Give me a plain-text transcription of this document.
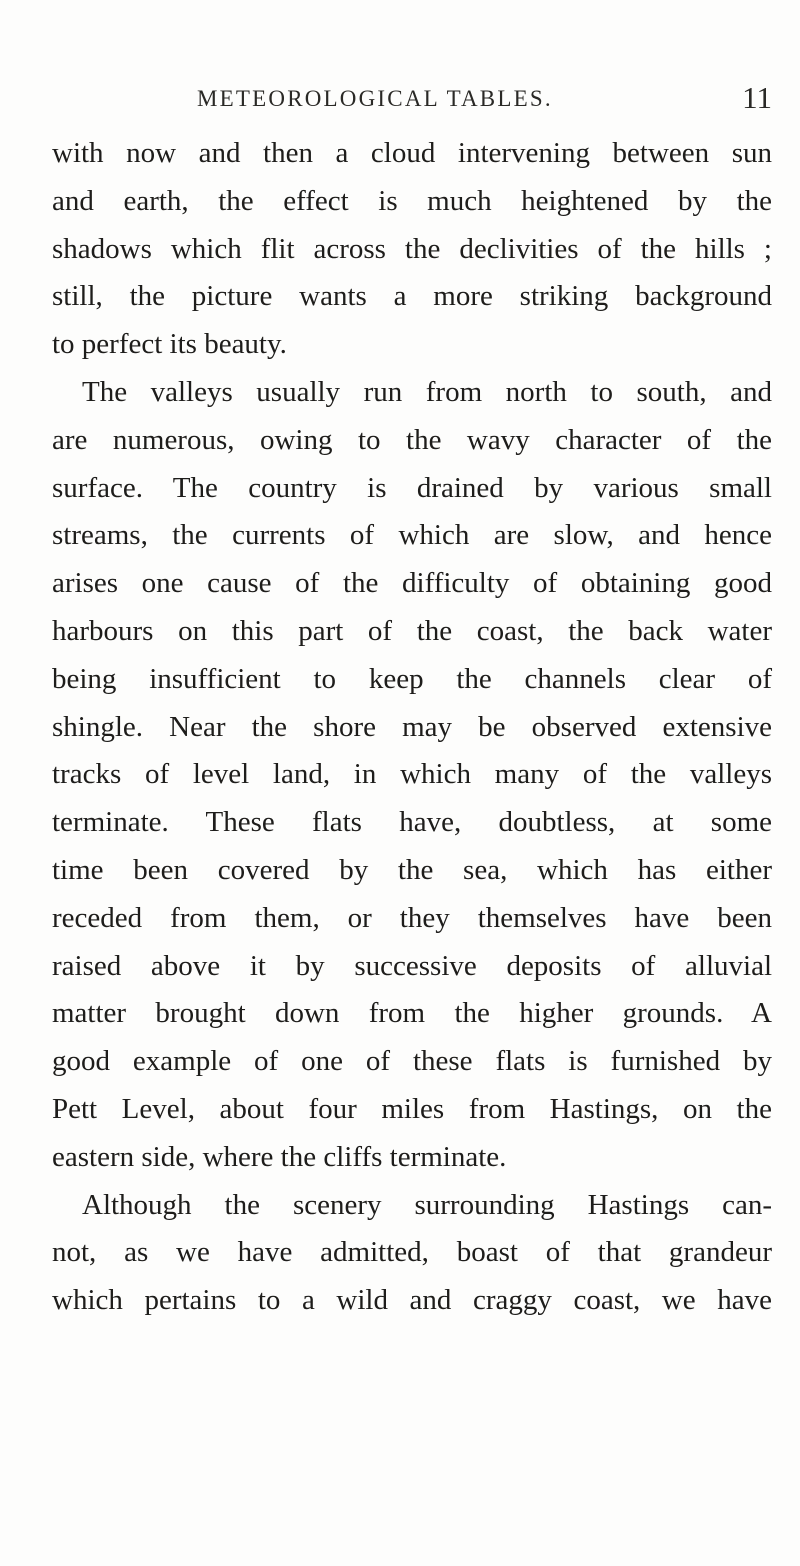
METEOROLOGICAL TABLES.	11
with now and then a cloud intervening between sun
and earth, the effect is much heightened by the
shadows which flit across the declivities of the hills ;
still, the picture wants a more striking background
to perfect its beauty.
The valleys usually run from north to south, and
are numerous, owing to the wavy character of the
surface. The country is drained by various small
streams, the currents of which are slow, and hence
arises one cause of the difficulty of obtaining good
harbours on this part of the coast, the back water
being insufficient to keep the channels clear of
shingle. Near the shore may be observed extensive
tracks of level land, in which many of the valleys
terminate. These flats have, doubtless, at some
time been covered by the sea, which has either
receded from them, or they themselves have been
raised above it by successive deposits of alluvial
matter brought down from the higher grounds. A
good example of one of these flats is furnished by
Pett Level, about four miles from Hastings, on the
eastern side, where the cliffs terminate.
Although the scenery surrounding Hastings can-
not, as we have admitted, boast of that grandeur
which pertains to a wild and craggy coast, we have
